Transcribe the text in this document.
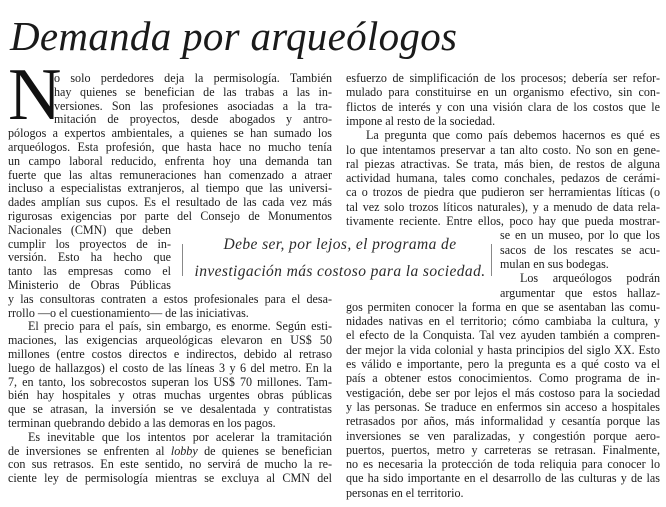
Demanda por arqueólogos
N
Debe ser, por lejos, el programa de
investigación más costoso para la sociedad.
o solo perdedores deja la permisología. También
hay quienes se benefician de las trabas a las in-
versiones. Son las profesiones asociadas a la tra-
mitación de proyectos, desde abogados y antro-
pólogos a expertos ambientales, a quienes se han sumado los
arqueólogos. Esta profesión, que hasta hace no mucho tenía
un campo laboral reducido, enfrenta hoy una demanda tan
fuerte que las altas remuneraciones han comenzado a atraer
incluso a especialistas extranjeros, al tiempo que las universi-
dades amplían sus cupos. Es el resultado de las cada vez más
rigurosas exigencias por parte del Consejo de Monumentos
Nacionales (CMN) que deben
cumplir los proyectos de in-
versión. Esto ha hecho que
tanto las empresas como el
Ministerio de Obras Públicas
y las consultoras contraten a estos profesionales para el desa-
rrollo —o el cuestionamiento— de las iniciativas.
El precio para el país, sin embargo, es enorme. Según esti-
maciones, las exigencias arqueológicas elevaron en US$ 50
millones (entre costos directos e indirectos, debido al retraso
luego de hallazgos) el costo de las líneas 3 y 6 del metro. En la
7, en tanto, los sobrecostos superan los US$ 70 millones. Tam-
bién hay hospitales y otras muchas urgentes obras públicas
que se atrasan, la inversión se ve desalentada y contratistas
terminan quebrando debido a las demoras en los pagos.
Es inevitable que los intentos por acelerar la tramitación
de inversiones se enfrenten al lobby de quienes se benefician
con sus retrasos. En este sentido, no servirá de mucho la re-
ciente ley de permisología mientras se excluya al CMN del
esfuerzo de simplificación de los procesos; debería ser refor-
mulado para constituirse en un organismo efectivo, sin con-
flictos de interés y con una visión clara de los costos que le
impone al resto de la sociedad.
La pregunta que como país debemos hacernos es qué es
lo que intentamos preservar a tan alto costo. No son en gene-
ral piezas atractivas. Se trata, más bien, de restos de alguna
actividad humana, tales como conchales, pedazos de cerámi-
ca o trozos de piedra que pudieron ser herramientas líticas (o
tal vez solo trozos líticos naturales), y a menudo de data rela-
tivamente reciente. Entre ellos, poco hay que pueda mostrar-
se en un museo, por lo que los
sacos de los rescates se acu-
mulan en sus bodegas.
Los arqueólogos podrán
argumentar que estos hallaz-
gos permiten conocer la forma en que se asentaban las comu-
nidades nativas en el territorio; cómo cambiaba la cultura, y
el efecto de la Conquista. Tal vez ayuden también a compren-
der mejor la vida colonial y hasta principios del siglo XX. Esto
es válido e importante, pero la pregunta es a qué costo va el
país a obtener estos conocimientos. Como programa de in-
vestigación, debe ser por lejos el más costoso para la sociedad
y las personas. Se traduce en enfermos sin acceso a hospitales
retrasados por años, más informalidad y cesantía porque las
inversiones se ven paralizadas, y congestión porque aero-
puertos, puertos, metro y carreteras se retrasan. Finalmente,
no es necesaria la protección de toda reliquia para conocer lo
que ha sido importante en el desarrollo de las culturas y de las
personas en el territorio.
